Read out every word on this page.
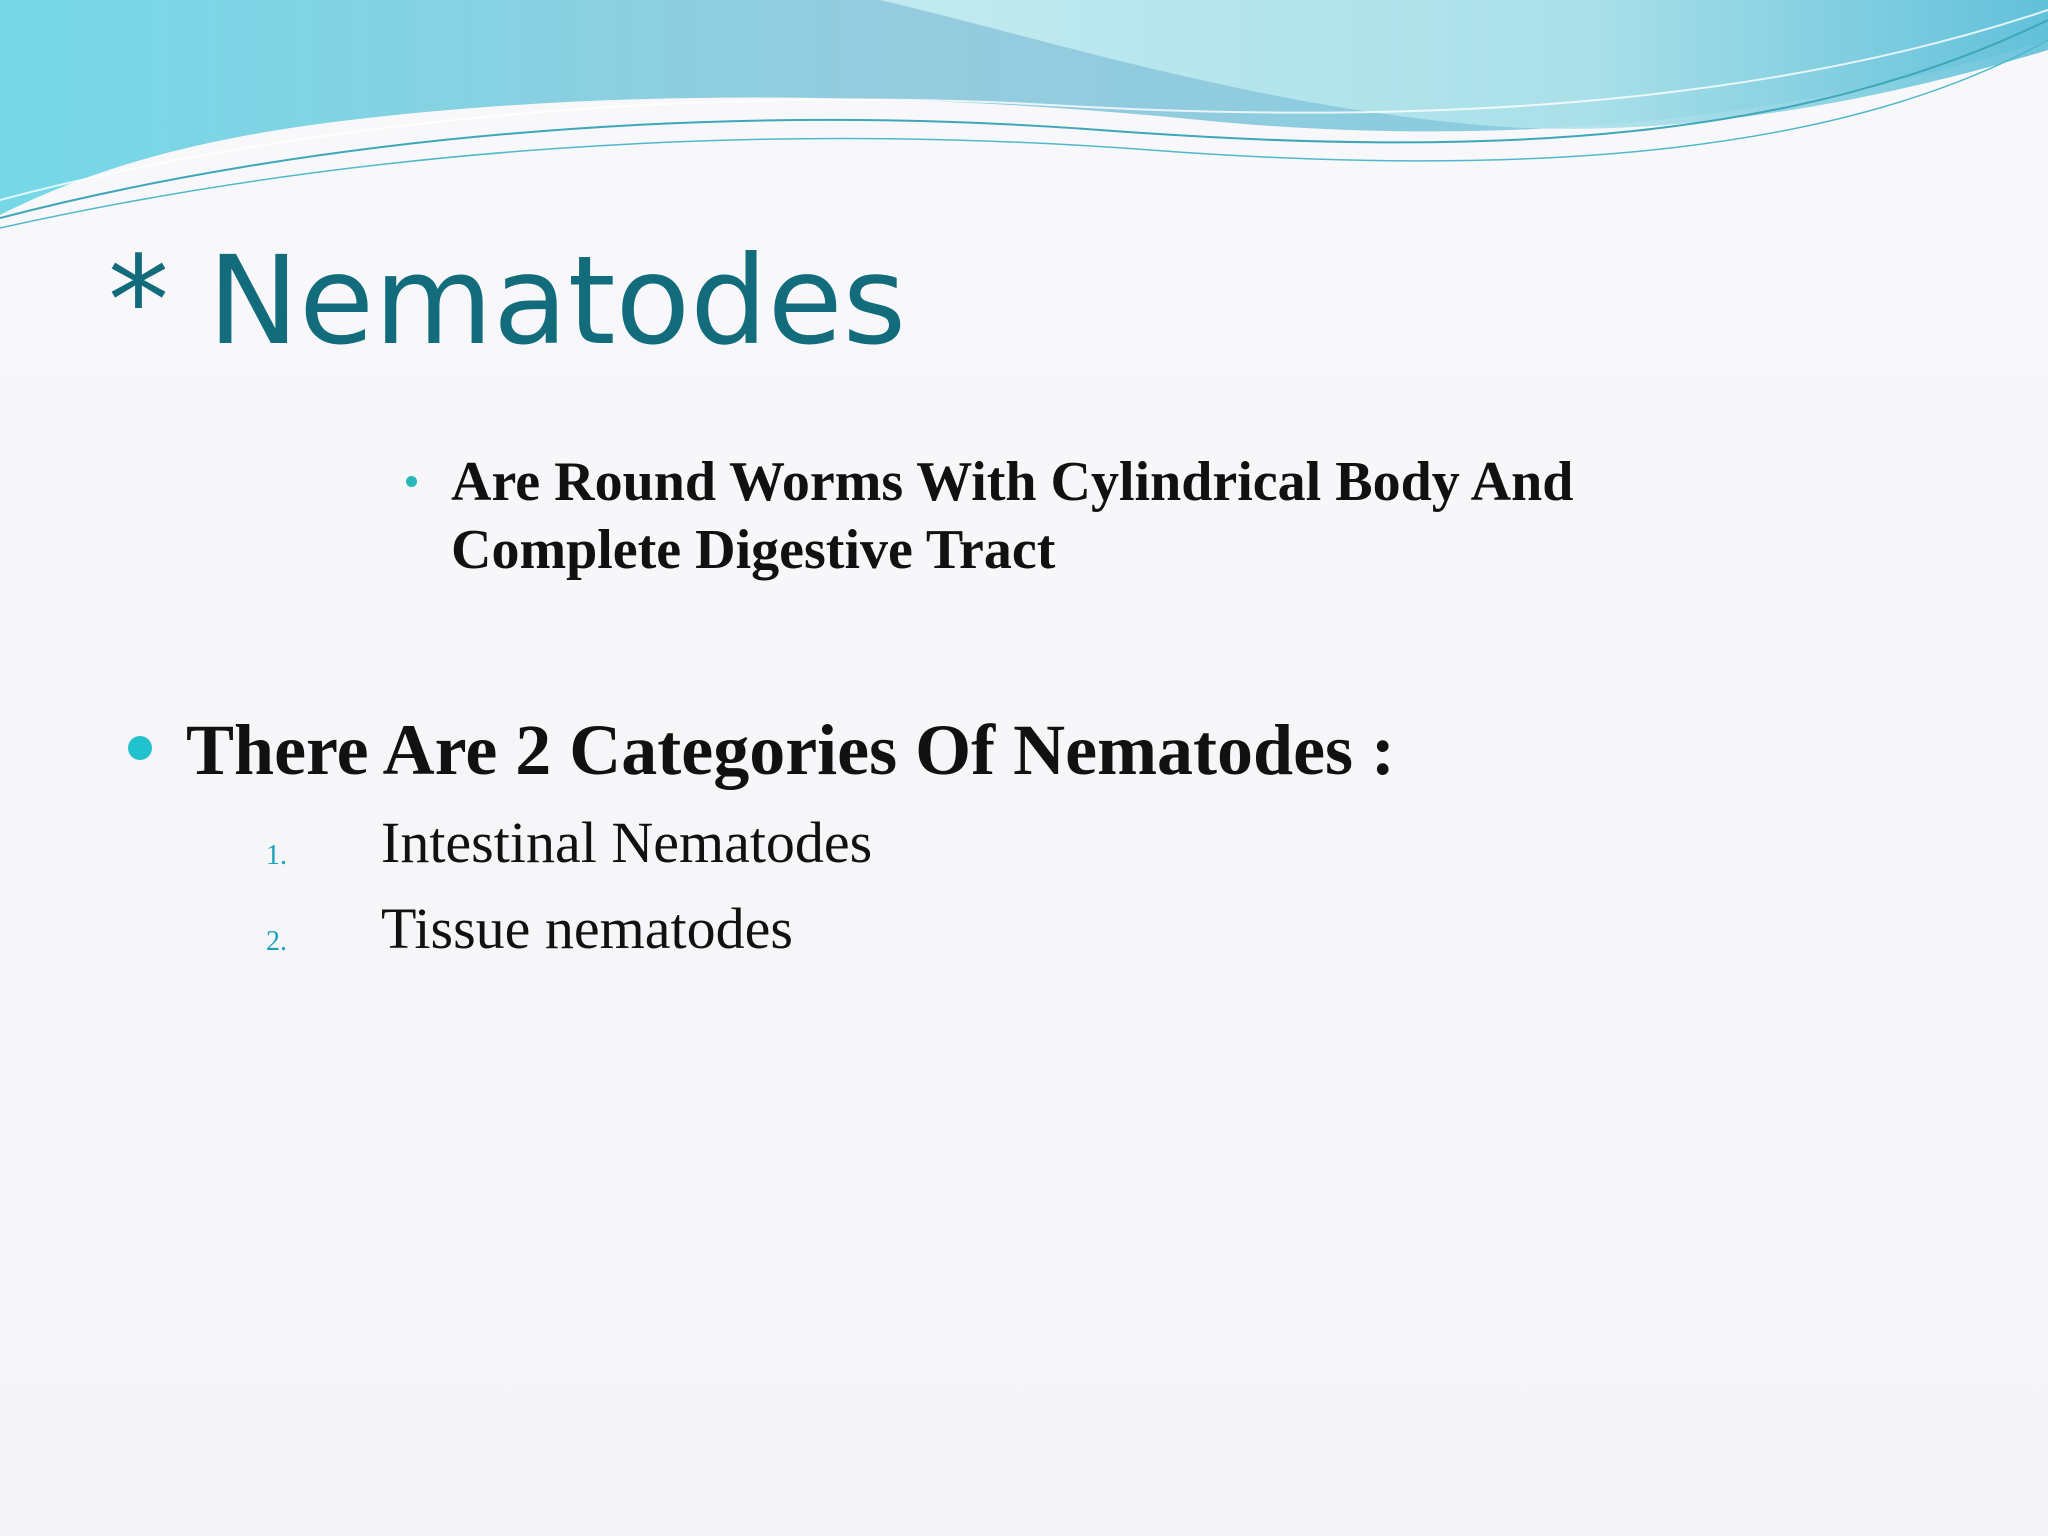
* Nematodes
Are Round Worms With Cylindrical Body And
Complete Digestive Tract
There Are 2 Categories Of Nematodes :
1. Intestinal Nematodes
2. Tissue nematodes
